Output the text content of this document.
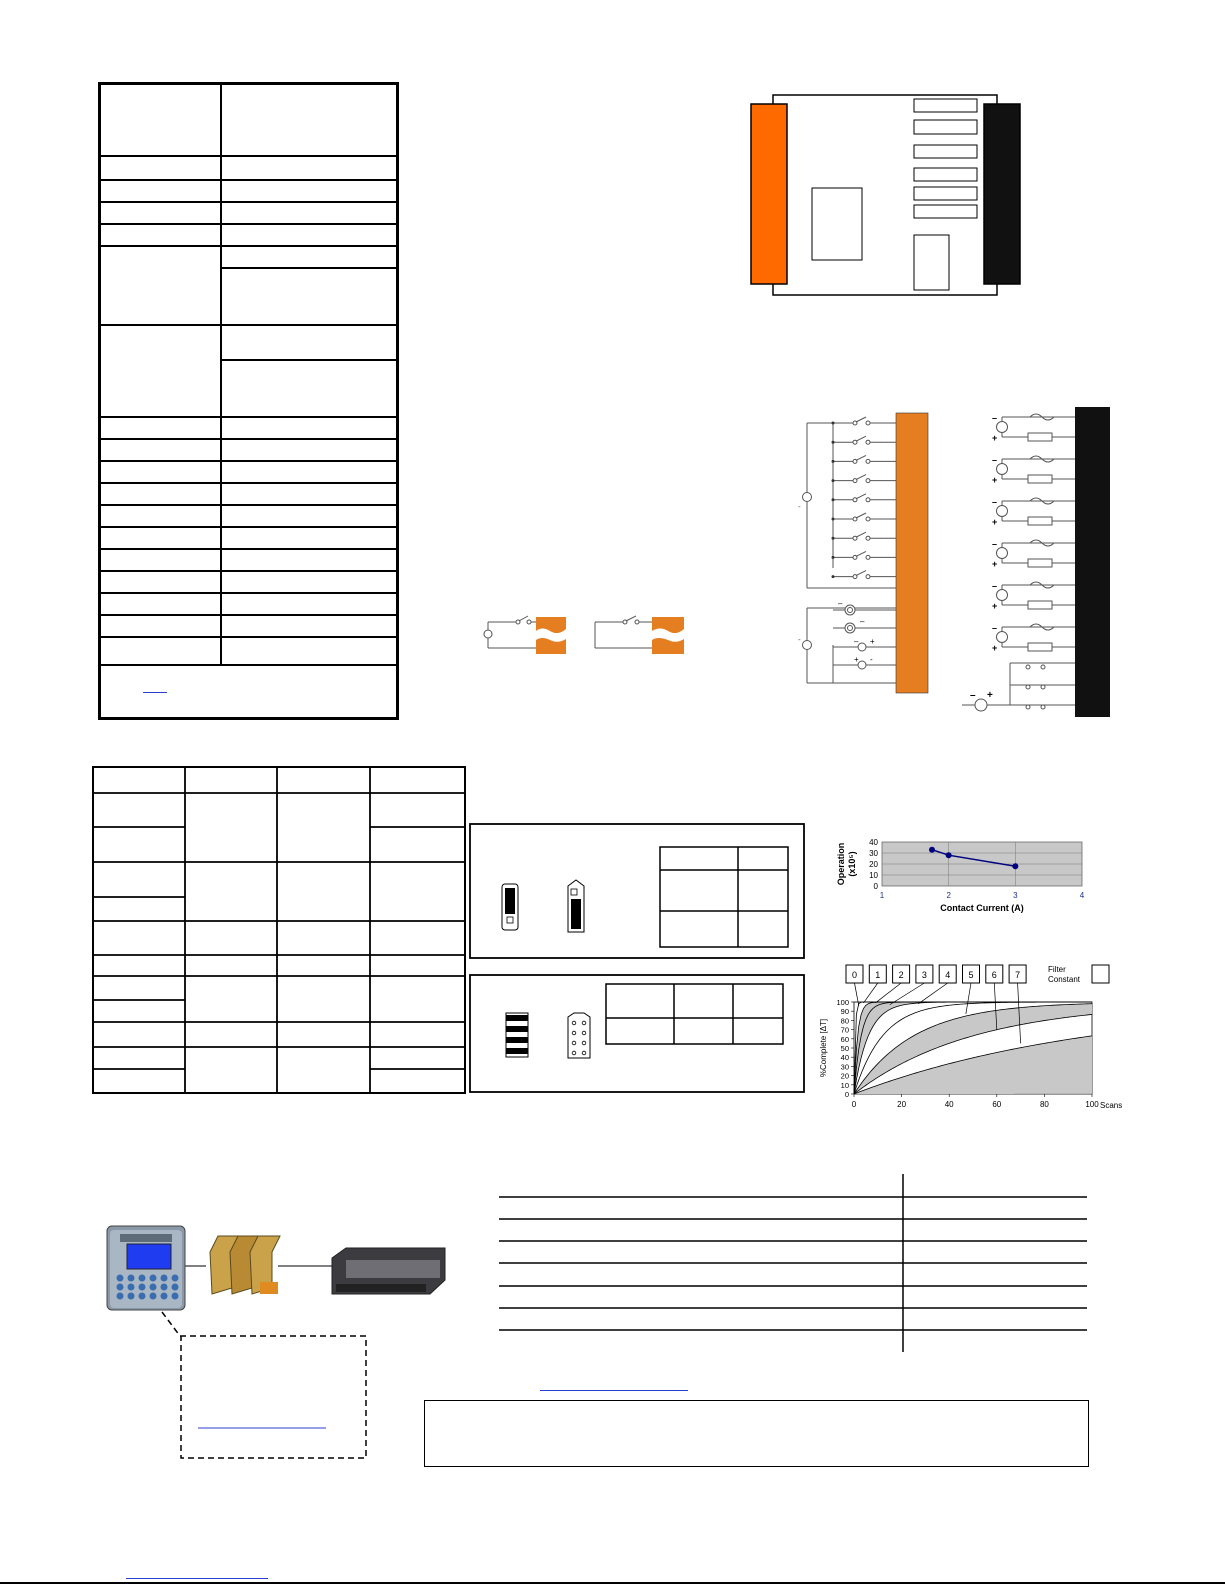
-
-
–
–
+
–
-
+
– +
–
+
–
+
–
+
–
+
–
+
–
+
0
10
20
30
40
1	2	3	4
Contact Current (A)
Operation (x10⁵)
0
10
20
30
40
50
60
70
80
90
100
0	20	40	60	80	100 Scans
%Complete [ΔT]
0 1 2 3 4 5 6 7
Filter
Constant
